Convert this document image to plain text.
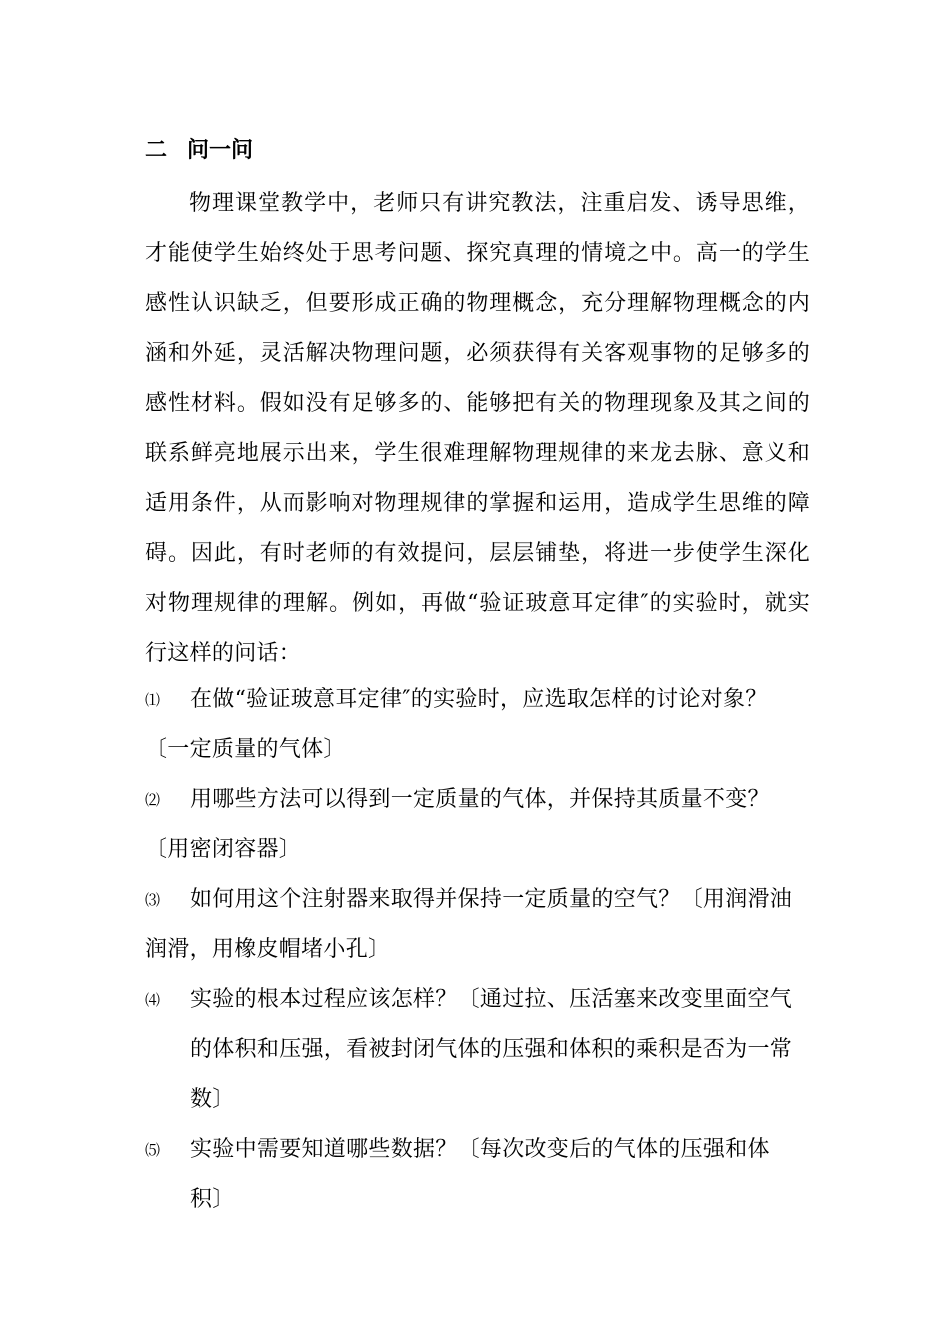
二 问一问
物理课堂教学中，老师只有讲究教法，注重启发、诱导思维，才能使学生始终处于思考问题、探究真理的情境之中。高一的学生感性认识缺乏，但要形成正确的物理概念，充分理解物理概念的内涵和外延，灵活解决物理问题，必须获得有关客观事物的足够多的感性材料。假如没有足够多的、能够把有关的物理现象及其之间的联系鲜亮地展示出来，学生很难理解物理规律的来龙去脉、意义和适用条件，从而影响对物理规律的掌握和运用，造成学生思维的障碍。因此，有时老师的有效提问，层层铺垫，将进一步使学生深化对物理规律的理解。例如，再做“验证玻意耳定律″的实验时，就实行这样的问话：
⑴ 在做“验证玻意耳定律″的实验时，应选取怎样的讨论对象？
〔一定质量的气体〕
⑵ 用哪些方法可以得到一定质量的气体，并保持其质量不变？
〔用密闭容器〕
⑶ 如何用这个注射器来取得并保持一定质量的空气？〔用润滑油
润滑，用橡皮帽堵小孔〕
⑷ 实验的根本过程应该怎样？〔通过拉、压活塞来改变里面空气
的体积和压强，看被封闭气体的压强和体积的乘积是否为一常
数〕
⑸ 实验中需要知道哪些数据？〔每次改变后的气体的压强和体
积〕
